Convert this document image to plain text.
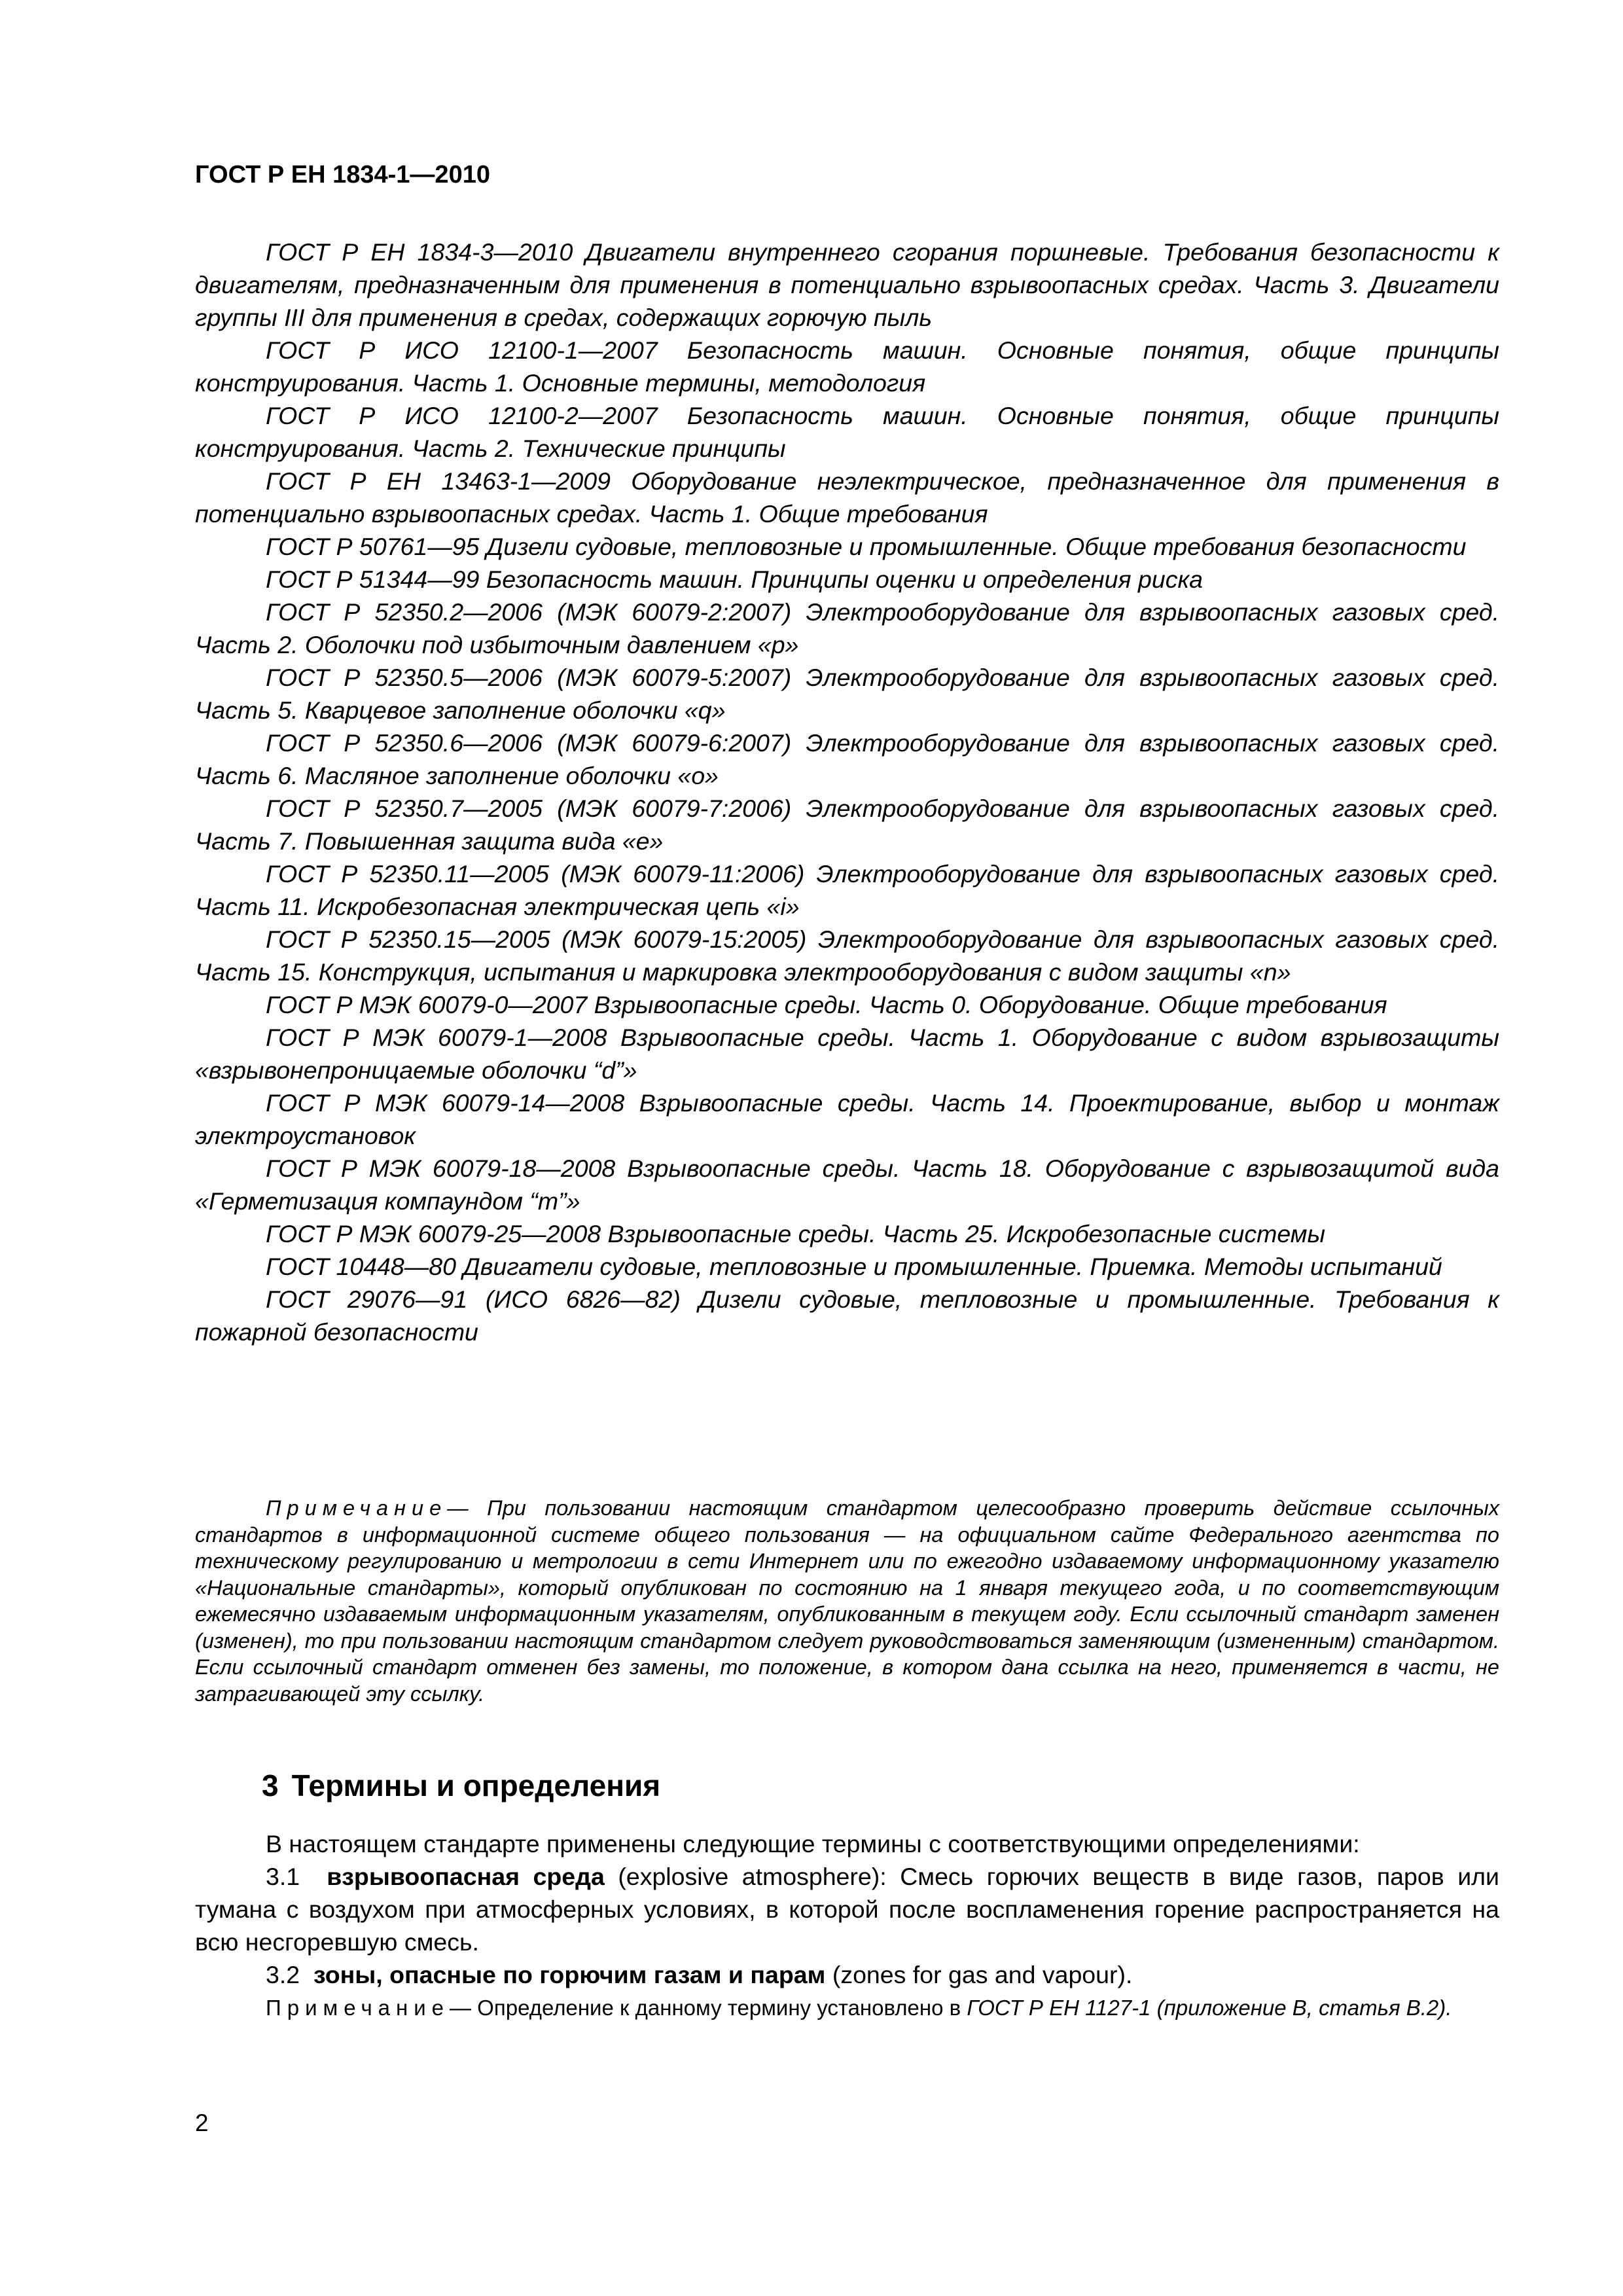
ГОСТ Р ЕН 1834-1—2010

ГОСТ Р ЕН 1834-3—2010 Двигатели внутреннего сгорания поршневые. Требования безопасности к двигателям, предназначенным для применения в потенциально взрывоопасных средах. Часть 3. Двигатели группы III для применения в средах, содержащих горючую пыль

ГОСТ Р ИСО 12100-1—2007 Безопасность машин. Основные понятия, общие принципы конструирования. Часть 1. Основные термины, методология

ГОСТ Р ИСО 12100-2—2007 Безопасность машин. Основные понятия, общие принципы конструирования. Часть 2. Технические принципы

ГОСТ Р ЕН 13463-1—2009 Оборудование неэлектрическое, предназначенное для применения в потенциально взрывоопасных средах. Часть 1. Общие требования

ГОСТ Р 50761—95 Дизели судовые, тепловозные и промышленные. Общие требования безопасности

ГОСТ Р 51344—99 Безопасность машин. Принципы оценки и определения риска

ГОСТ Р 52350.2—2006 (МЭК 60079-2:2007) Электрооборудование для взрывоопасных газовых сред. Часть 2. Оболочки под избыточным давлением «p»

ГОСТ Р 52350.5—2006 (МЭК 60079-5:2007) Электрооборудование для взрывоопасных газовых сред. Часть 5. Кварцевое заполнение оболочки «q»

ГОСТ Р 52350.6—2006 (МЭК 60079-6:2007) Электрооборудование для взрывоопасных газовых сред. Часть 6. Масляное заполнение оболочки «o»

ГОСТ Р 52350.7—2005 (МЭК 60079-7:2006) Электрооборудование для взрывоопасных газовых сред. Часть 7. Повышенная защита вида «e»

ГОСТ Р 52350.11—2005 (МЭК 60079-11:2006) Электрооборудование для взрывоопасных газовых сред. Часть 11. Искробезопасная электрическая цепь «i»

ГОСТ Р 52350.15—2005 (МЭК 60079-15:2005) Электрооборудование для взрывоопасных газовых сред. Часть 15. Конструкция, испытания и маркировка электрооборудования с видом защиты «n»

ГОСТ Р МЭК 60079-0—2007 Взрывоопасные среды. Часть 0. Оборудование. Общие требования

ГОСТ Р МЭК 60079-1—2008 Взрывоопасные среды. Часть 1. Оборудование с видом взрывозащиты «взрывонепроницаемые оболочки “d”»

ГОСТ Р МЭК 60079-14—2008 Взрывоопасные среды. Часть 14. Проектирование, выбор и монтаж электроустановок

ГОСТ Р МЭК 60079-18—2008 Взрывоопасные среды. Часть 18. Оборудование с взрывозащитой вида «Герметизация компаундом “m”»

ГОСТ Р МЭК 60079-25—2008 Взрывоопасные среды. Часть 25. Искробезопасные системы

ГОСТ 10448—80 Двигатели судовые, тепловозные и промышленные. Приемка. Методы испытаний

ГОСТ 29076—91 (ИСО 6826—82) Дизели судовые, тепловозные и промышленные. Требования к пожарной безопасности

Примечание— При пользовании настоящим стандартом целесообразно проверить действие ссылочных стандартов в информационной системе общего пользования — на официальном сайте Федерального агентства по техническому регулированию и метрологии в сети Интернет или по ежегодно издаваемому информационному указателю «Национальные стандарты», который опубликован по состоянию на 1 января текущего года, и по соответствующим ежемесячно издаваемым информационным указателям, опубликованным в текущем году. Если ссылочный стандарт заменен (изменен), то при пользовании настоящим стандартом следует руководствоваться заменяющим (измененным) стандартом. Если ссылочный стандарт отменен без замены, то положение, в котором дана ссылка на него, применяется в части, не затрагивающей эту ссылку.

3 Термины и определения

В настоящем стандарте применены следующие термины с соответствующими определениями:

3.1 взрывоопасная среда (explosive atmosphere): Смесь горючих веществ в виде газов, паров или тумана с воздухом при атмосферных условиях, в которой после воспламенения горение распространяется на всю несгоревшую смесь.

3.2 зоны, опасные по горючим газам и парам (zones for gas and vapour).

Примечание— Определение к данному термину установлено в ГОСТ Р ЕН 1127-1 (приложение В, статья В.2).

2
